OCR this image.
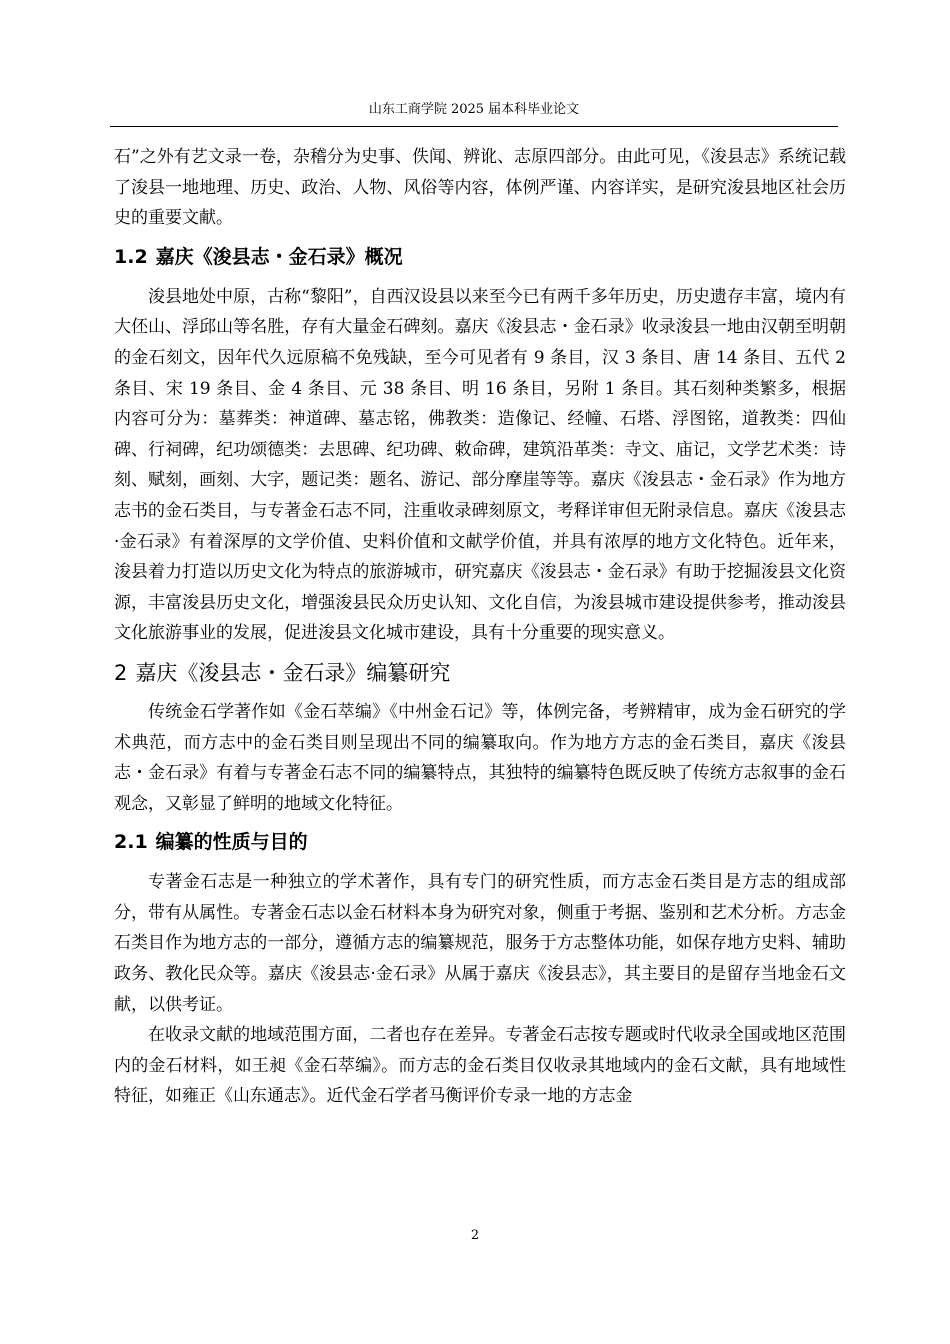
山东工商学院 2025 届本科毕业论文

石”之外有艺文录一卷，杂稽分为史事、佚闻、辨讹、志原四部分。由此可见，《浚县志》系统记载了浚县一地地理、历史、政治、人物、风俗等内容，体例严谨、内容详实，是研究浚县地区社会历史的重要文献。

1.2 嘉庆《浚县志・金石录》概况

浚县地处中原，古称“黎阳”，自西汉设县以来至今已有两千多年历史，历史遗存丰富，境内有大伾山、浮邱山等名胜，存有大量金石碑刻。嘉庆《浚县志・金石录》收录浚县一地由汉朝至明朝的金石刻文，因年代久远原稿不免残缺，至今可见者有 9 条目，汉 3 条目、唐 14 条目、五代 2 条目、宋 19 条目、金 4 条目、元 38 条目、明 16 条目，另附 1 条目。其石刻种类繁多，根据内容可分为：墓葬类：神道碑、墓志铭，佛教类：造像记、经幢、石塔、浮图铭，道教类：四仙碑、行祠碑，纪功颂德类：去思碑、纪功碑、敕命碑，建筑沿革类：寺文、庙记，文学艺术类：诗刻、赋刻，画刻、大字，题记类：题名、游记、部分摩崖等等。嘉庆《浚县志・金石录》作为地方志书的金石类目，与专著金石志不同，注重收录碑刻原文，考释详审但无附录信息。嘉庆《浚县志·金石录》有着深厚的文学价值、史料价值和文献学价值，并具有浓厚的地方文化特色。近年来，浚县着力打造以历史文化为特点的旅游城市，研究嘉庆《浚县志・金石录》有助于挖掘浚县文化资源，丰富浚县历史文化，增强浚县民众历史认知、文化自信，为浚县城市建设提供参考，推动浚县文化旅游事业的发展，促进浚县文化城市建设，具有十分重要的现实意义。

2 嘉庆《浚县志・金石录》编纂研究

传统金石学著作如《金石萃编》《中州金石记》等，体例完备，考辨精审，成为金石研究的学术典范，而方志中的金石类目则呈现出不同的编纂取向。作为地方方志的金石类目，嘉庆《浚县志・金石录》有着与专著金石志不同的编纂特点，其独特的编纂特色既反映了传统方志叙事的金石观念，又彰显了鲜明的地域文化特征。

2.1 编纂的性质与目的

专著金石志是一种独立的学术著作，具有专门的研究性质，而方志金石类目是方志的组成部分，带有从属性。专著金石志以金石材料本身为研究对象，侧重于考据、鉴别和艺术分析。方志金石类目作为地方志的一部分，遵循方志的编纂规范，服务于方志整体功能，如保存地方史料、辅助政务、教化民众等。嘉庆《浚县志·金石录》从属于嘉庆《浚县志》，其主要目的是留存当地金石文献，以供考证。

在收录文献的地域范围方面，二者也存在差异。专著金石志按专题或时代收录全国或地区范围内的金石材料，如王昶《金石萃编》。而方志的金石类目仅收录其地域内的金石文献，具有地域性特征，如雍正《山东通志》。近代金石学者马衡评价专录一地的方志金

2
